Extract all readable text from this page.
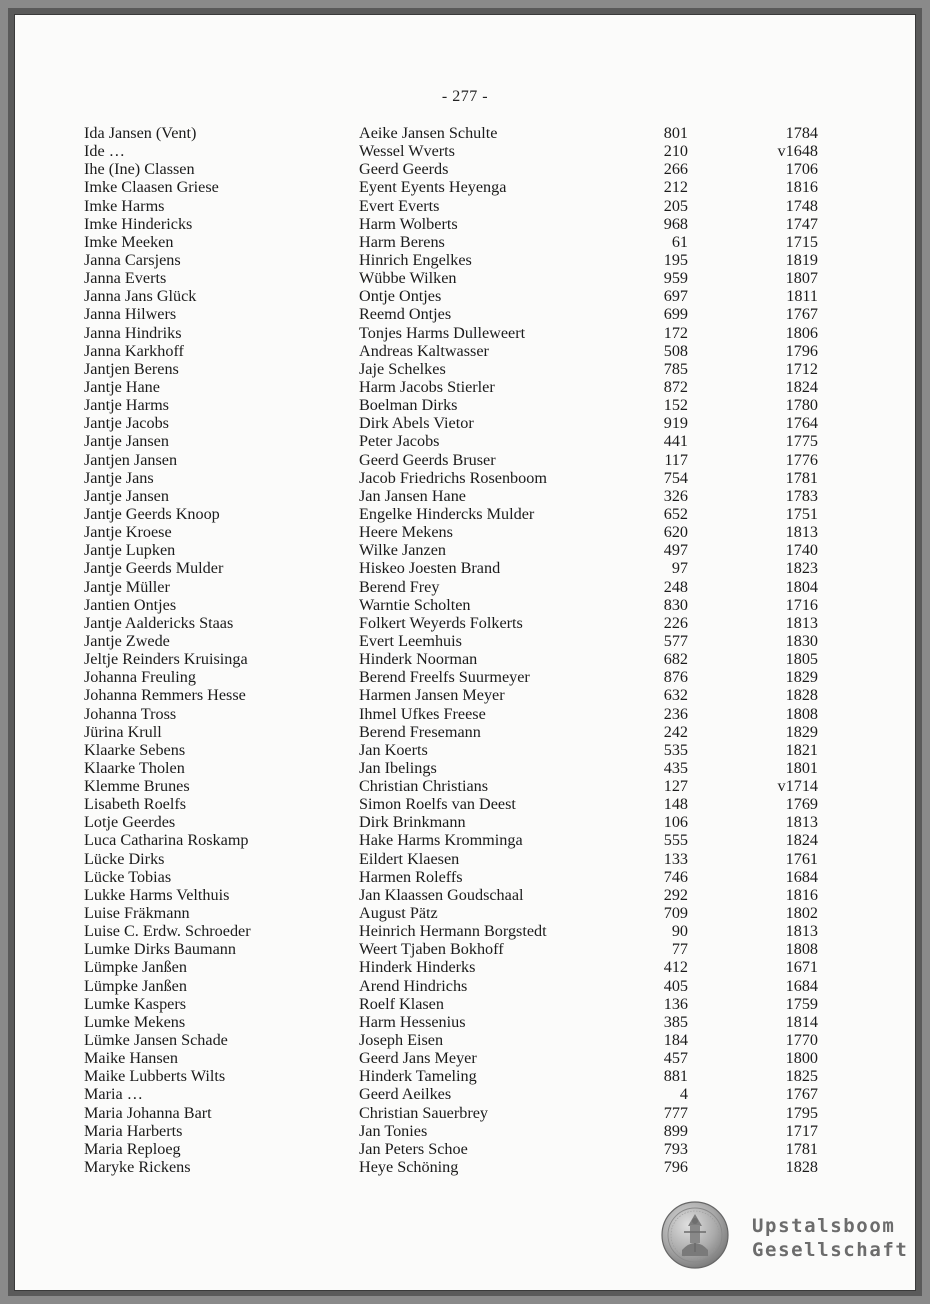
- 277 -
Ida Jansen (Vent)	Aeike Jansen Schulte	801	1784
Ide …	Wessel Wverts	210	v1648
Ihe (Ine) Classen	Geerd Geerds	266	1706
Imke Claasen Griese	Eyent Eyents Heyenga	212	1816
Imke Harms	Evert Everts	205	1748
Imke Hindericks	Harm Wolberts	968	1747
Imke Meeken	Harm Berens	61	1715
Janna Carsjens	Hinrich Engelkes	195	1819
Janna Everts	Wübbe Wilken	959	1807
Janna Jans Glück	Ontje Ontjes	697	1811
Janna Hilwers	Reemd Ontjes	699	1767
Janna Hindriks	Tonjes Harms Dulleweert	172	1806
Janna Karkhoff	Andreas Kaltwasser	508	1796
Jantjen Berens	Jaje Schelkes	785	1712
Jantje Hane	Harm Jacobs Stierler	872	1824
Jantje Harms	Boelman Dirks	152	1780
Jantje Jacobs	Dirk Abels Vietor	919	1764
Jantje Jansen	Peter Jacobs	441	1775
Jantjen Jansen	Geerd Geerds Bruser	117	1776
Jantje Jans	Jacob Friedrichs Rosenboom	754	1781
Jantje Jansen	Jan Jansen Hane	326	1783
Jantje Geerds Knoop	Engelke Hindercks Mulder	652	1751
Jantje Kroese	Heere Mekens	620	1813
Jantje Lupken	Wilke Janzen	497	1740
Jantje Geerds Mulder	Hiskeo Joesten Brand	97	1823
Jantje Müller	Berend Frey	248	1804
Jantien Ontjes	Warntie Scholten	830	1716
Jantje Aaldericks Staas	Folkert Weyerds Folkerts	226	1813
Jantje Zwede	Evert Leemhuis	577	1830
Jeltje Reinders Kruisinga	Hinderk Noorman	682	1805
Johanna Freuling	Berend Freelfs Suurmeyer	876	1829
Johanna Remmers Hesse	Harmen Jansen Meyer	632	1828
Johanna Tross	Ihmel Ufkes Freese	236	1808
Jürina Krull	Berend Fresemann	242	1829
Klaarke Sebens	Jan Koerts	535	1821
Klaarke Tholen	Jan Ibelings	435	1801
Klemme Brunes	Christian Christians	127	v1714
Lisabeth Roelfs	Simon Roelfs van Deest	148	1769
Lotje Geerdes	Dirk Brinkmann	106	1813
Luca Catharina Roskamp	Hake Harms Kromminga	555	1824
Lücke Dirks	Eildert Klaesen	133	1761
Lücke Tobias	Harmen Roleffs	746	1684
Lukke Harms Velthuis	Jan Klaassen Goudschaal	292	1816
Luise Fräkmann	August Pätz	709	1802
Luise C. Erdw. Schroeder	Heinrich Hermann Borgstedt	90	1813
Lumke Dirks Baumann	Weert Tjaben Bokhoff	77	1808
Lümpke Janßen	Hinderk Hinderks	412	1671
Lümpke Janßen	Arend Hindrichs	405	1684
Lumke Kaspers	Roelf Klasen	136	1759
Lumke Mekens	Harm Hessenius	385	1814
Lümke Jansen Schade	Joseph Eisen	184	1770
Maike Hansen	Geerd Jans Meyer	457	1800
Maike Lubberts Wilts	Hinderk Tameling	881	1825
Maria …	Geerd Aeilkes	4	1767
Maria Johanna Bart	Christian Sauerbrey	777	1795
Maria Harberts	Jan Tonies	899	1717
Maria Reploeg	Jan Peters Schoe	793	1781
Maryke Rickens	Heye Schöning	796	1828
Upstalsboom
Gesellschaft
